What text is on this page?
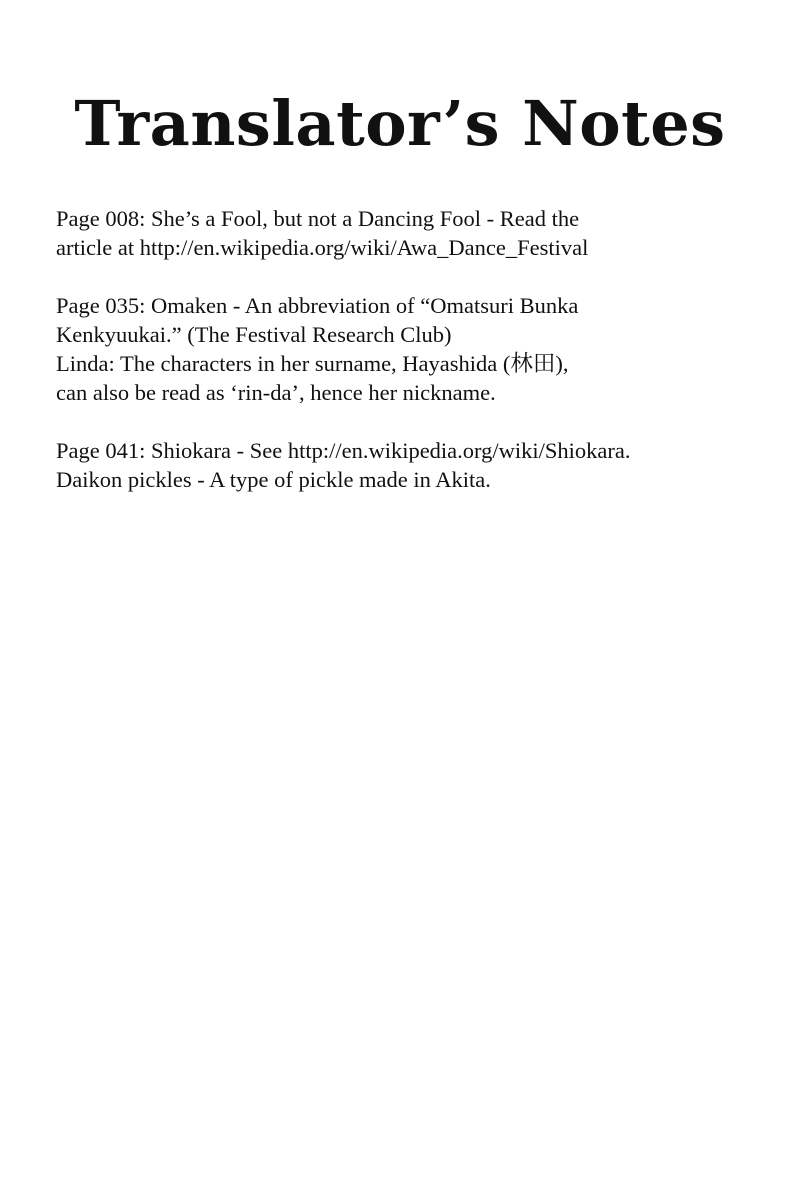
Translator’s Notes
Page 008: She’s a Fool, but not a Dancing Fool - Read the
article at http://en.wikipedia.org/wiki/Awa_Dance_Festival
Page 035: Omaken - An abbreviation of “Omatsuri Bunka
Kenkyuukai.” (The Festival Research Club)
Linda: The characters in her surname, Hayashida (林田),
can also be read as ‘rin-da’, hence her nickname.
Page 041: Shiokara - See http://en.wikipedia.org/wiki/Shiokara.
Daikon pickles - A type of pickle made in Akita.
